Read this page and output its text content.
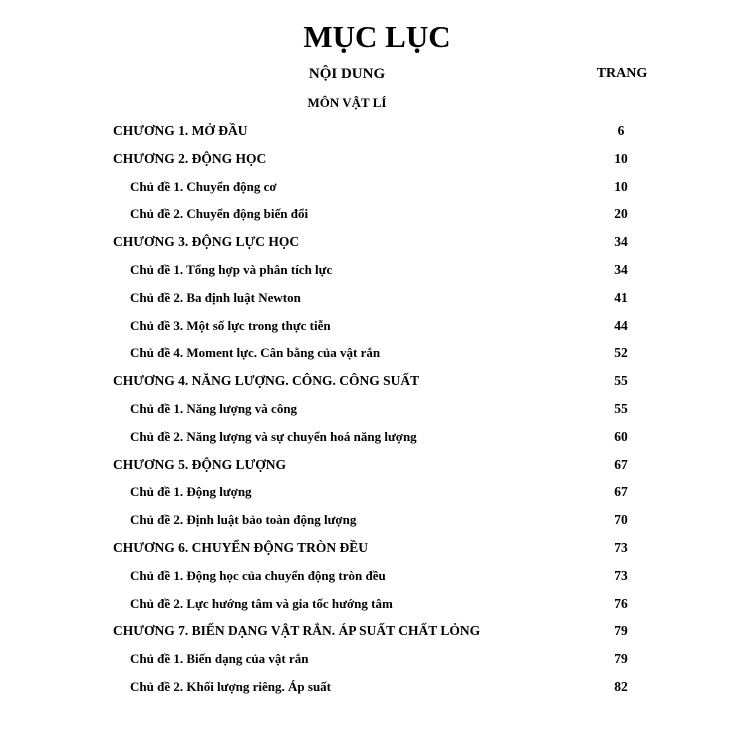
MỤC LỤC
NỘI DUNG	TRANG
MÔN VẬT LÍ
CHƯƠNG 1. MỞ ĐẦU	6
CHƯƠNG 2. ĐỘNG HỌC	10
Chủ đề 1. Chuyển động cơ	10
Chủ đề 2. Chuyển động biến đổi	20
CHƯƠNG 3. ĐỘNG LỰC HỌC	34
Chủ đề 1. Tổng hợp và phân tích lực	34
Chủ đề 2. Ba định luật Newton	41
Chủ đề 3. Một số lực trong thực tiễn	44
Chủ đề 4. Moment lực. Cân bằng của vật rắn	52
CHƯƠNG 4. NĂNG LƯỢNG. CÔNG. CÔNG SUẤT	55
Chủ đề 1. Năng lượng và công	55
Chủ đề 2. Năng lượng và sự chuyển hoá năng lượng	60
CHƯƠNG 5. ĐỘNG LƯỢNG	67
Chủ đề 1. Động lượng	67
Chủ đề 2. Định luật bảo toàn động lượng	70
CHƯƠNG 6. CHUYỂN ĐỘNG TRÒN ĐỀU	73
Chủ đề 1. Động học của chuyển động tròn đều	73
Chủ đề 2. Lực hướng tâm và gia tốc hướng tâm	76
CHƯƠNG 7. BIẾN DẠNG VẬT RẮN. ÁP SUẤT CHẤT LỎNG	79
Chủ đề 1. Biến dạng của vật rắn	79
Chủ đề 2. Khối lượng riêng. Áp suất	82
